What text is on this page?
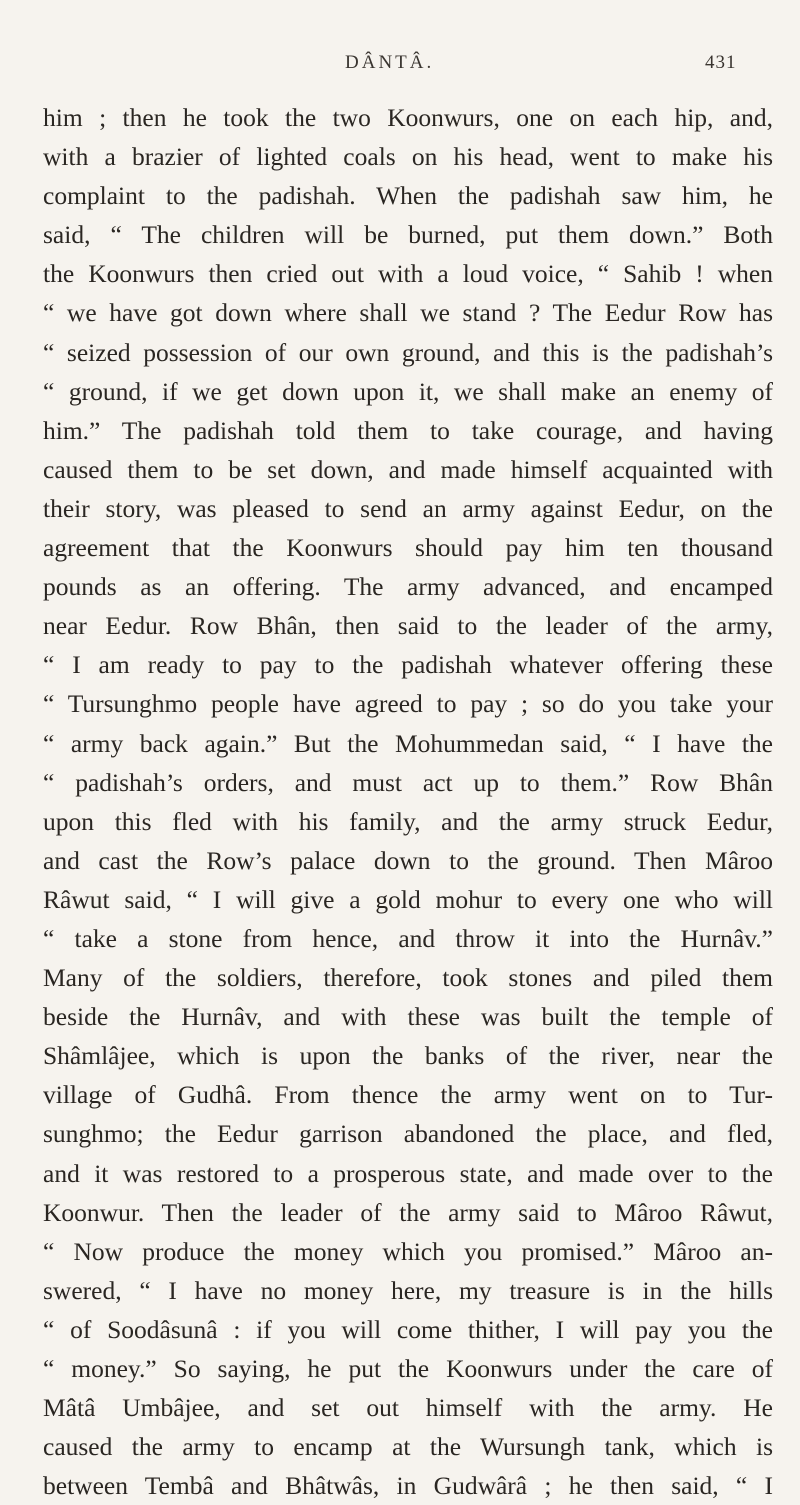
DÂNTÂ.	431
him ; then he took the two Koonwurs, one on each hip, and,
with a brazier of lighted coals on his head, went to make his
complaint to the padishah. When the padishah saw him, he
said, “ The children will be burned, put them down.” Both
the Koonwurs then cried out with a loud voice, “ Sahib ! when
“ we have got down where shall we stand ? The Eedur Row has
“ seized possession of our own ground, and this is the padishah’s
“ ground, if we get down upon it, we shall make an enemy of
him.” The padishah told them to take courage, and having
caused them to be set down, and made himself acquainted with
their story, was pleased to send an army against Eedur, on the
agreement that the Koonwurs should pay him ten thousand
pounds as an offering. The army advanced, and encamped
near Eedur. Row Bhân, then said to the leader of the army,
“ I am ready to pay to the padishah whatever offering these
“ Tursunghmo people have agreed to pay ; so do you take your
“ army back again.” But the Mohummedan said, “ I have the
“ padishah’s orders, and must act up to them.” Row Bhân
upon this fled with his family, and the army struck Eedur,
and cast the Row’s palace down to the ground. Then Mâroo
Râwut said, “ I will give a gold mohur to every one who will
“ take a stone from hence, and throw it into the Hurnâv.”
Many of the soldiers, therefore, took stones and piled them
beside the Hurnâv, and with these was built the temple of
Shâmlâjee, which is upon the banks of the river, near the
village of Gudhâ. From thence the army went on to Tur-
sunghmo; the Eedur garrison abandoned the place, and fled,
and it was restored to a prosperous state, and made over to the
Koonwur. Then the leader of the army said to Mâroo Râwut,
“ Now produce the money which you promised.” Mâroo an-
swered, “ I have no money here, my treasure is in the hills
“ of Soodâsunâ : if you will come thither, I will pay you the
“ money.” So saying, he put the Koonwurs under the care of
Mâtâ Umbâjee, and set out himself with the army. He
caused the army to encamp at the Wursungh tank, which is
between Tembâ and Bhâtwâs, in Gudwârâ ; he then said, “ I
